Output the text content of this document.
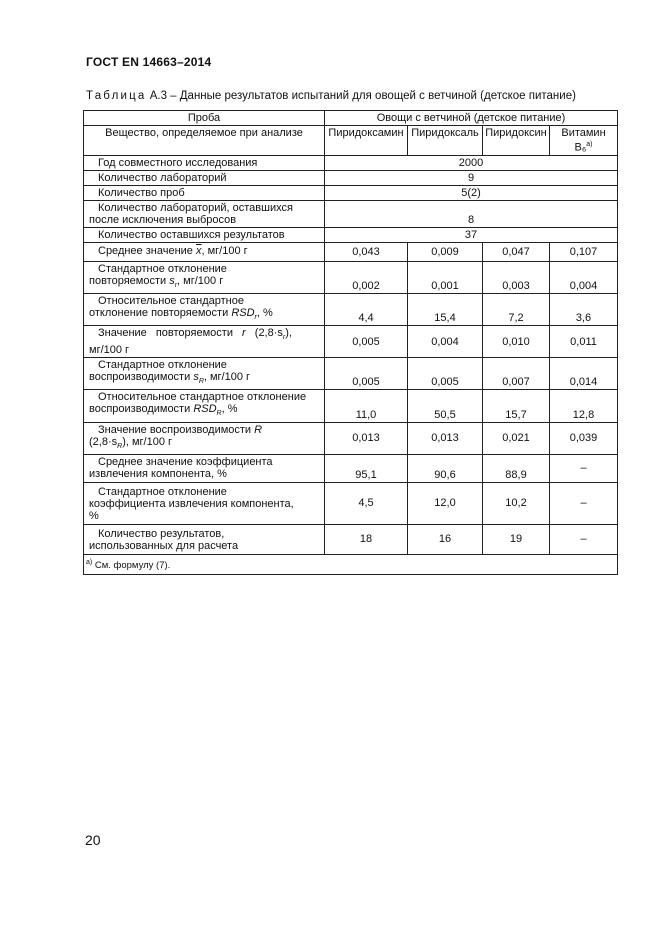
ГОСТ EN 14663–2014
Таблица А.3 – Данные результатов испытаний для овощей с ветчиной (детское питание)
Проба	Овощи с ветчиной (детское питание)			
Вещество, определяемое при анализе	Пиридоксамин	Пиридоксаль	Пиридоксин	Витамин B₆$^{a)}$
Год совместного исследования	2000			
Количество лабораторий	9			
Количество проб	5(2)			

Количество лабораторий, оставшихся
после исключения выбросов	8			
Количество оставшихся результатов	37			
Среднее значение $\overline{x}$, мг/100 г	0,043	0,009	0,047	0,107

Стандартное отклонение
повторяемости $s_r$, мг/100 г	0,002	0,001	0,003	0,004

Относительное стандартное
отклонение повторяемости $RSD_r$, %	4,4	15,4	7,2	3,6

Значение повторяемости r $(2,8\cdot s_r)$,
мг/100 г	0,005	0,004	0,010	0,011

Стандартное отклонение
воспроизводимости $s_R$, мг/100 г	0,005	0,005	0,007	0,014

Относительное стандартное отклонение
воспроизводимости $RSD_R$, %	11,0	50,5	15,7	12,8

Значение воспроизводимости R
$(2,8\cdot s_R)$, мг/100 г	0,013	0,013	0,021	0,039

Среднее значение коэффициента
извлечения компонента, %	95,1	90,6	88,9	–

Стандартное отклонение
коэффициента извлечения компонента,
%	4,5	12,0	10,2	–

Количество результатов,
использованных для расчета	18	16	19	–
$^{a)}$ См. формулу (7).				
20
